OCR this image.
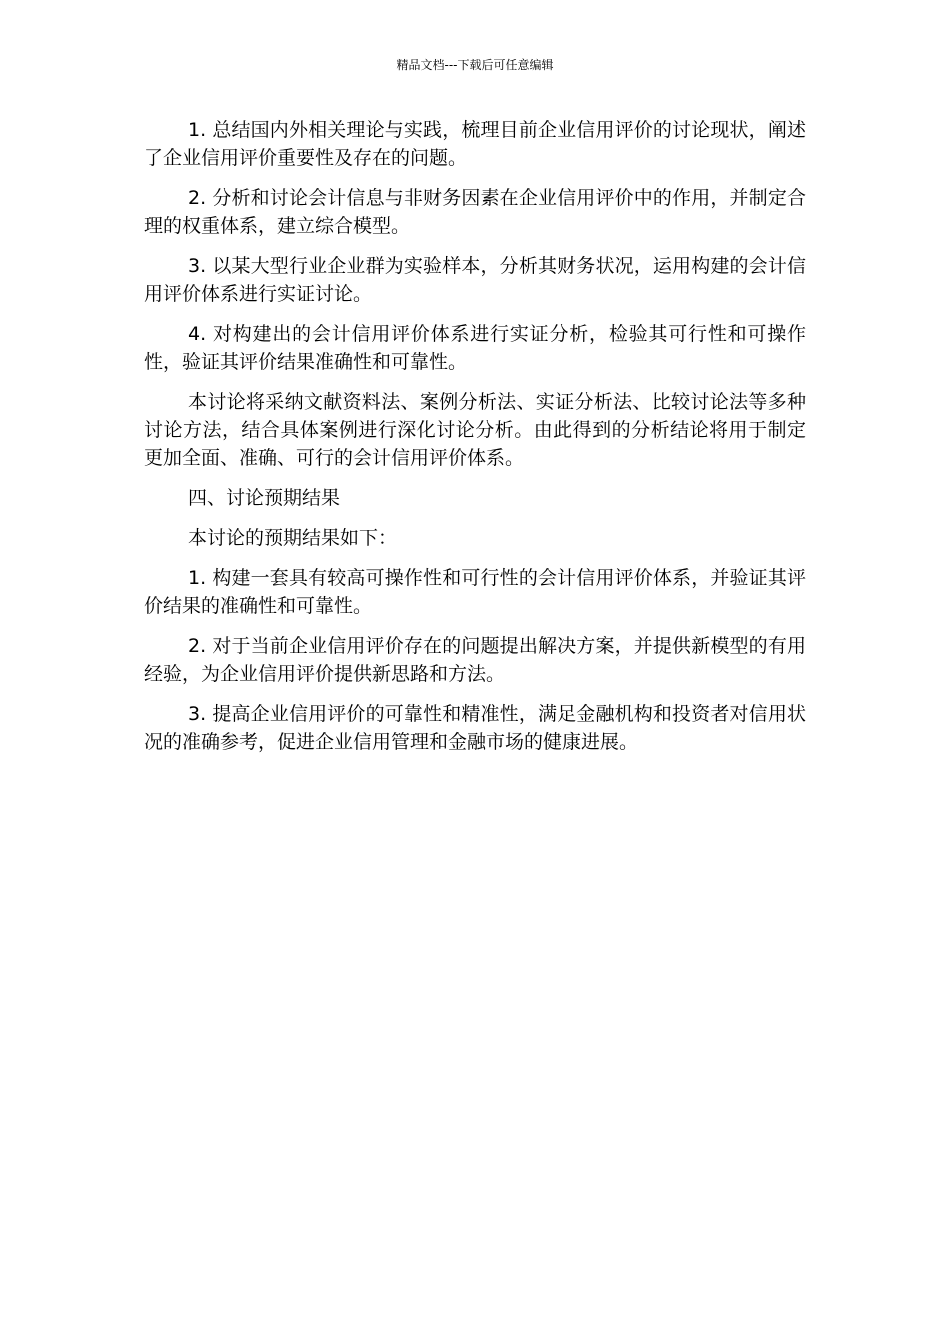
精品文档---下载后可任意编辑

1. 总结国内外相关理论与实践，梳理目前企业信用评价的讨论现状，阐述了企业信用评价重要性及存在的问题。

2. 分析和讨论会计信息与非财务因素在企业信用评价中的作用，并制定合理的权重体系，建立综合模型。

3. 以某大型行业企业群为实验样本，分析其财务状况，运用构建的会计信用评价体系进行实证讨论。

4. 对构建出的会计信用评价体系进行实证分析，检验其可行性和可操作性，验证其评价结果准确性和可靠性。

本讨论将采纳文献资料法、案例分析法、实证分析法、比较讨论法等多种讨论方法，结合具体案例进行深化讨论分析。由此得到的分析结论将用于制定更加全面、准确、可行的会计信用评价体系。

四、讨论预期结果

本讨论的预期结果如下：

1. 构建一套具有较高可操作性和可行性的会计信用评价体系，并验证其评价结果的准确性和可靠性。

2. 对于当前企业信用评价存在的问题提出解决方案，并提供新模型的有用经验，为企业信用评价提供新思路和方法。

3. 提高企业信用评价的可靠性和精准性，满足金融机构和投资者对信用状况的准确参考，促进企业信用管理和金融市场的健康进展。
